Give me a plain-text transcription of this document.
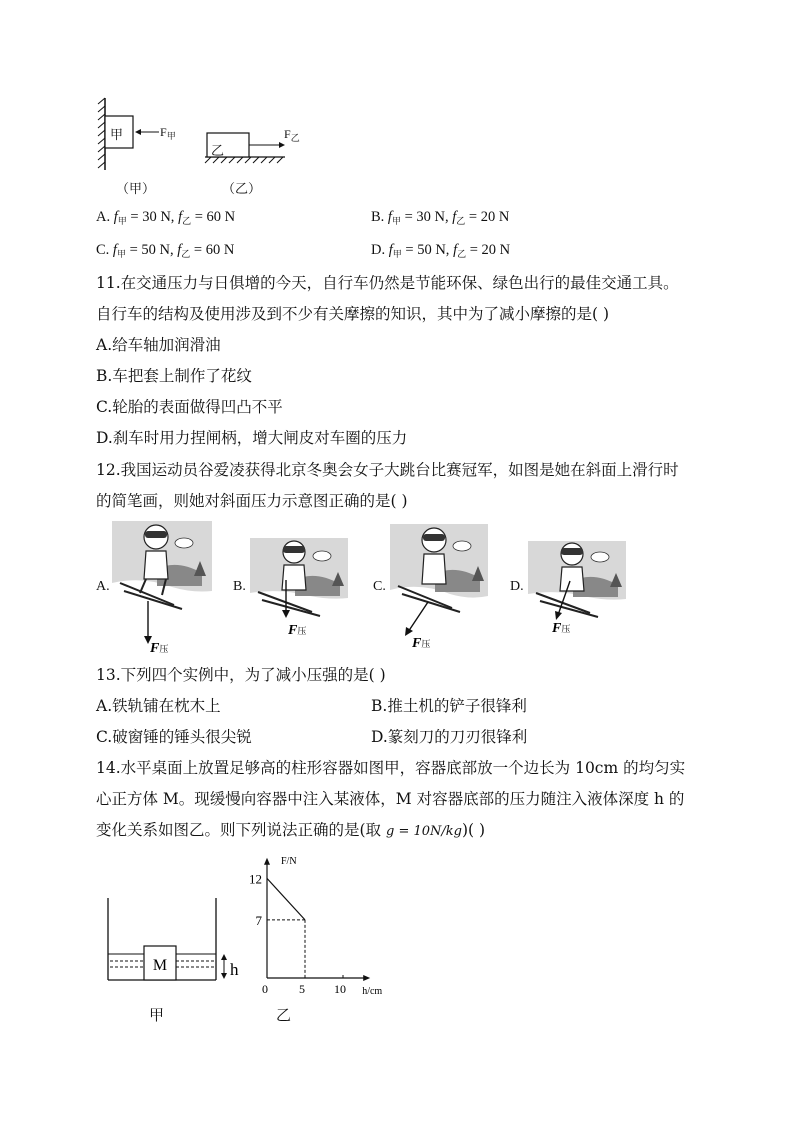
甲	$F_甲$
乙
$F_乙$
（甲）	（乙）
A. $f_甲 = 30$ N, $f_乙 = 60$ N	B. $f_甲 = 30$ N, $f_乙 = 20$ N
C. $f_甲 = 50$ N, $f_乙 = 60$ N	D. $f_甲 = 50$ N, $f_乙 = 20$ N
11.在交通压力与日俱增的今天，自行车仍然是节能环保、绿色出行的最佳交通工具。
自行车的结构及使用涉及到不少有关摩擦的知识，其中为了减小摩擦的是( )
A.给车轴加润滑油
B.车把套上制作了花纹
C.轮胎的表面做得凹凸不平
D.刹车时用力捏闸柄，增大闸皮对车圈的压力
12.我国运动员谷爱凌获得北京冬奥会女子大跳台比赛冠军，如图是她在斜面上滑行时
的简笔画，则她对斜面压力示意图正确的是( )
A.	B.	C.	D.
F压
F压
F压
F压
13.下列四个实例中，为了减小压强的是( )
A.铁轨铺在枕木上	B.推土机的铲子很锋利
C.破窗锤的锤头很尖锐	D.篆刻刀的刀刃很锋利
14.水平桌面上放置足够高的柱形容器如图甲，容器底部放一个边长为 10cm 的均匀实
心正方体 M。现缓慢向容器中注入某液体，M 对容器底部的压力随注入液体深度 h 的
变化关系如图乙。则下列说法正确的是(取 g = 10N/kg)( )
M	h
甲
F/N
h/cm
0	5 10
12
7
乙
